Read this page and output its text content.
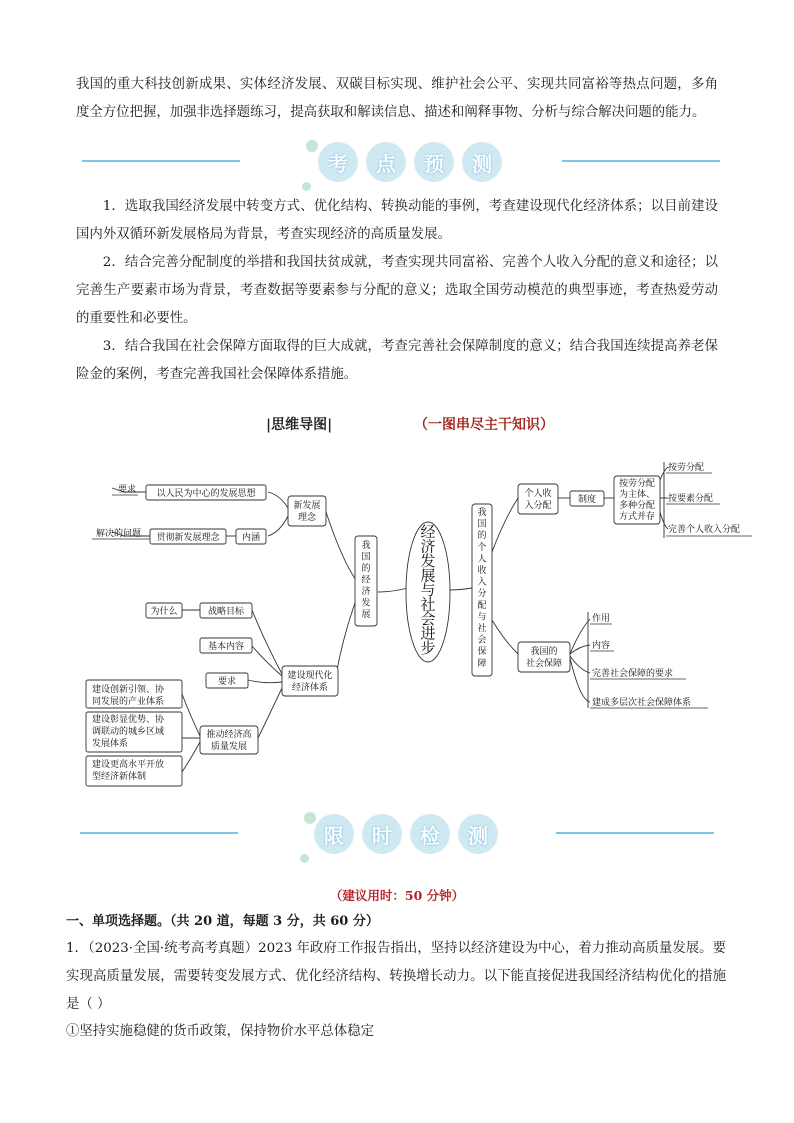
我国的重大科技创新成果、实体经济发展、双碳目标实现、维护社会公平、实现共同富裕等热点问题，多角度全方位把握，加强非选择题练习，提高获取和解读信息、描述和阐释事物、分析与综合解决问题的能力。
考	点	预	测
1．选取我国经济发展中转变方式、优化结构、转换动能的事例，考查建设现代化经济体系；以目前建设国内外双循环新发展格局为背景，考查实现经济的高质量发展。
2．结合完善分配制度的举措和我国扶贫成就，考查实现共同富裕、完善个人收入分配的意义和途径；以完善生产要素市场为背景，考查数据等要素参与分配的意义；选取全国劳动模范的典型事迹，考查热爱劳动的重要性和必要性。
3．结合我国在社会保障方面取得的巨大成就，考查完善社会保障制度的意义；结合我国连续提高养老保险金的案例，考查完善我国社会保障体系措施。
|思维导图|	（一图串尽主干知识）
以人民为中心的发展思想
内涵
贯彻新发展理念
新发展
理念
建设现代化
经济体系
战略目标
为什么
基本内容
要求
推动经济高
质量发展
个人收
入分配
制度
按劳分配
为主体、
多种分配
方式并存
我国的
社会保障
要求
解决的问题
建设创新引领、协
同发展的产业体系
建设彰显优势、协
调联动的城乡区域
发展体系
建设更高水平开放
型经济新体制
按劳分配
按要素分配
完善个人收入分配
作用
内容
完善社会保障的要求
建成多层次社会保障体系
经
济
发
展
与
社
会
进
步
我
国
的
经
济
发
展
我
国
的
个
人
收
入
分
配
与
社
会
保
障
限	时	检	测
（建议用时：50 分钟）
一、单项选择题。（共 20 道，每题 3 分，共 60 分）
1．（2023·全国·统考高考真题）2023 年政府工作报告指出，坚持以经济建设为中心，着力推动高质量发展。要实现高质量发展，需要转变发展方式、优化经济结构、转换增长动力。以下能直接促进我国经济结构优化的措施是（ ）
①坚持实施稳健的货币政策，保持物价水平总体稳定
